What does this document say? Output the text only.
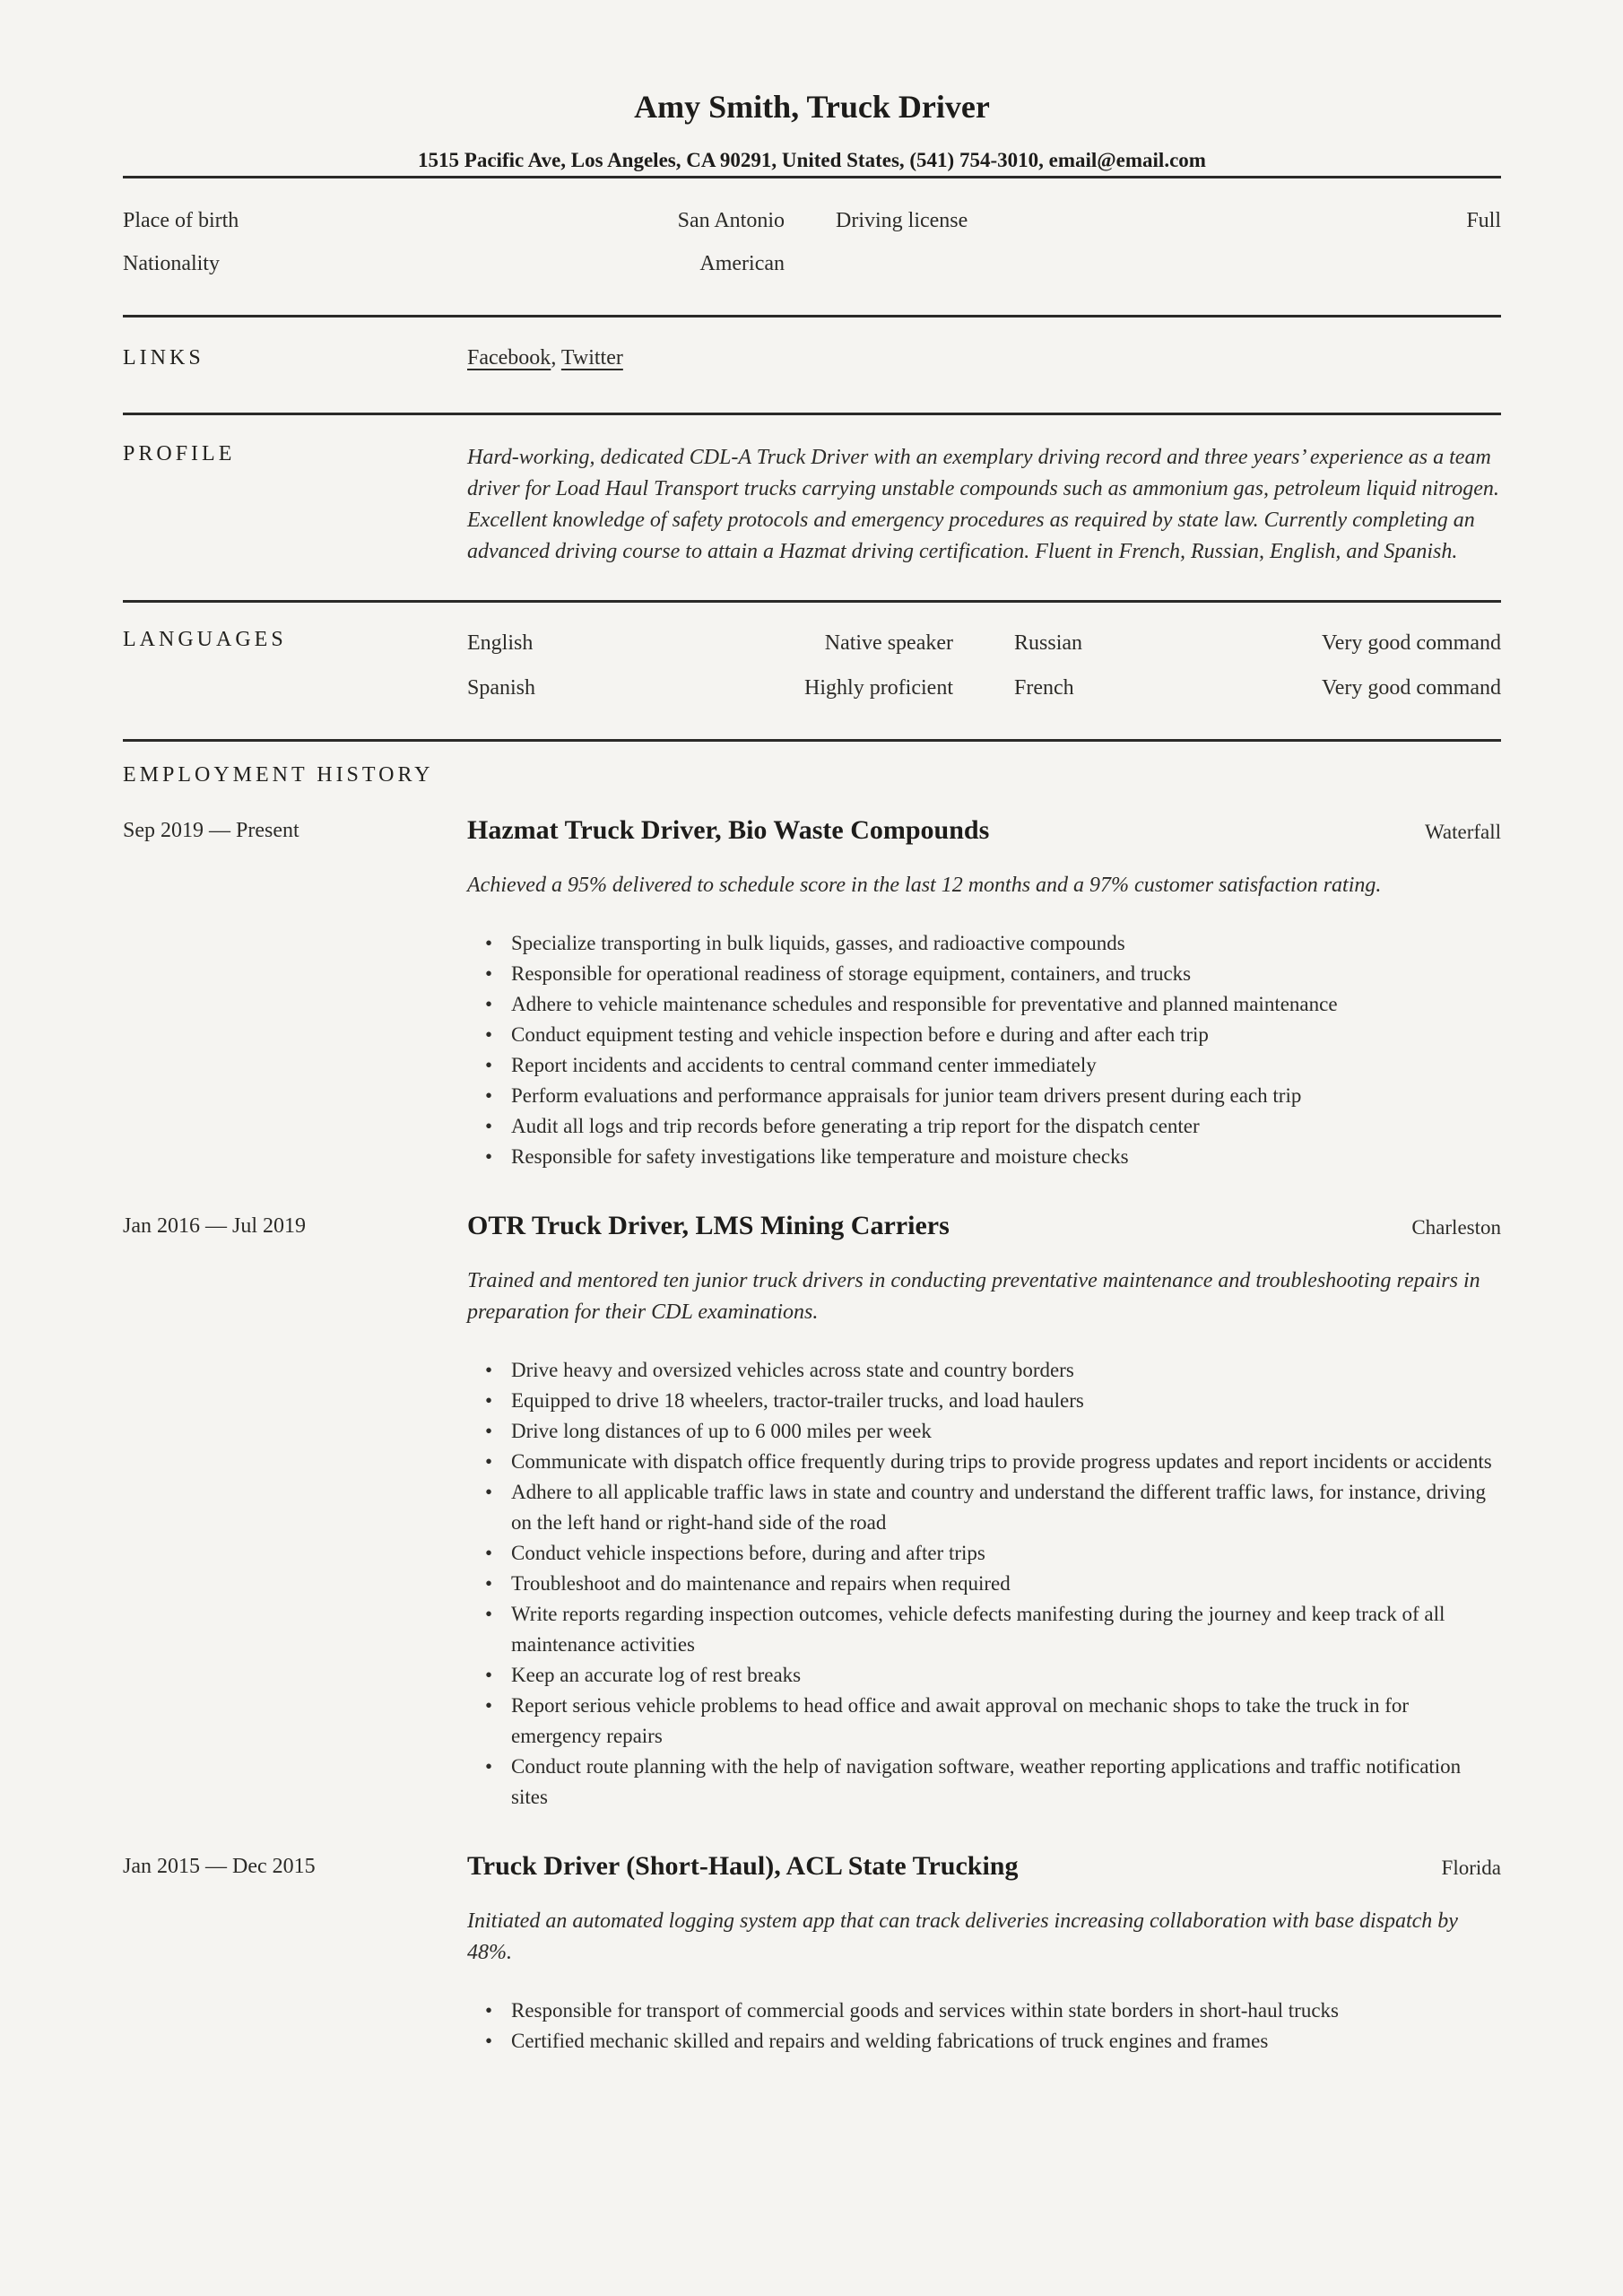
Amy Smith, Truck Driver
1515 Pacific Ave, Los Angeles, CA 90291, United States, (541) 754-3010, email@email.com
Place of birth	San Antonio	Driving license	Full
Nationality	American
LINKS	Facebook, Twitter
PROFILE	Hard-working, dedicated CDL-A Truck Driver with an exemplary driving record and three years’ experience as a team driver for Load Haul Transport trucks carrying unstable compounds such as ammonium gas, petroleum liquid nitrogen. Excellent knowledge of safety protocols and emergency procedures as required by state law. Currently completing an advanced driving course to attain a Hazmat driving certification. Fluent in French, Russian, English, and Spanish.
LANGUAGES	English	Native speaker	Russian	Very good command
Spanish	Highly proficient	French	Very good command
EMPLOYMENT HISTORY
Sep 2019 — Present	Hazmat Truck Driver, Bio Waste Compounds	Waterfall
Achieved a 95% delivered to schedule score in the last 12 months and a 97% customer satisfaction rating.
• Specialize transporting in bulk liquids, gasses, and radioactive compounds
• Responsible for operational readiness of storage equipment, containers, and trucks
• Adhere to vehicle maintenance schedules and responsible for preventative and planned maintenance
• Conduct equipment testing and vehicle inspection before e during and after each trip
• Report incidents and accidents to central command center immediately
• Perform evaluations and performance appraisals for junior team drivers present during each trip
• Audit all logs and trip records before generating a trip report for the dispatch center
• Responsible for safety investigations like temperature and moisture checks
Jan 2016 — Jul 2019	OTR Truck Driver, LMS Mining Carriers	Charleston
Trained and mentored ten junior truck drivers in conducting preventative maintenance and troubleshooting repairs in preparation for their CDL examinations.
• Drive heavy and oversized vehicles across state and country borders
• Equipped to drive 18 wheelers, tractor-trailer trucks, and load haulers
• Drive long distances of up to 6 000 miles per week
• Communicate with dispatch office frequently during trips to provide progress updates and report incidents or accidents
• Adhere to all applicable traffic laws in state and country and understand the different traffic laws, for instance, driving on the left hand or right-hand side of the road
• Conduct vehicle inspections before, during and after trips
• Troubleshoot and do maintenance and repairs when required
• Write reports regarding inspection outcomes, vehicle defects manifesting during the journey and keep track of all maintenance activities
• Keep an accurate log of rest breaks
• Report serious vehicle problems to head office and await approval on mechanic shops to take the truck in for emergency repairs
• Conduct route planning with the help of navigation software, weather reporting applications and traffic notification sites
Jan 2015 — Dec 2015	Truck Driver (Short-Haul), ACL State Trucking	Florida
Initiated an automated logging system app that can track deliveries increasing collaboration with base dispatch by 48%.
• Responsible for transport of commercial goods and services within state borders in short-haul trucks
• Certified mechanic skilled and repairs and welding fabrications of truck engines and frames
